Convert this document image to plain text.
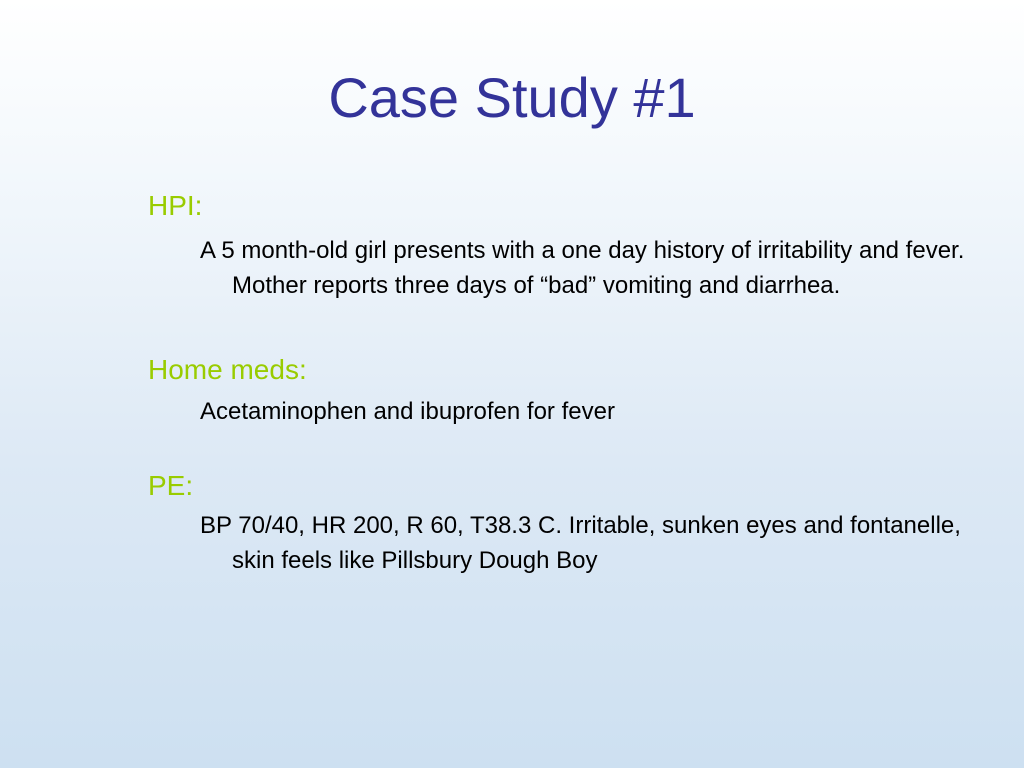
Case Study #1

HPI:

A 5 month-old girl presents with a one day history of irritability and fever. Mother reports three days of “bad” vomiting and diarrhea.

Home meds:

Acetaminophen and ibuprofen for fever

PE:

BP 70/40, HR 200, R 60, T38.3 C. Irritable, sunken eyes and fontanelle, skin feels like Pillsbury Dough Boy
